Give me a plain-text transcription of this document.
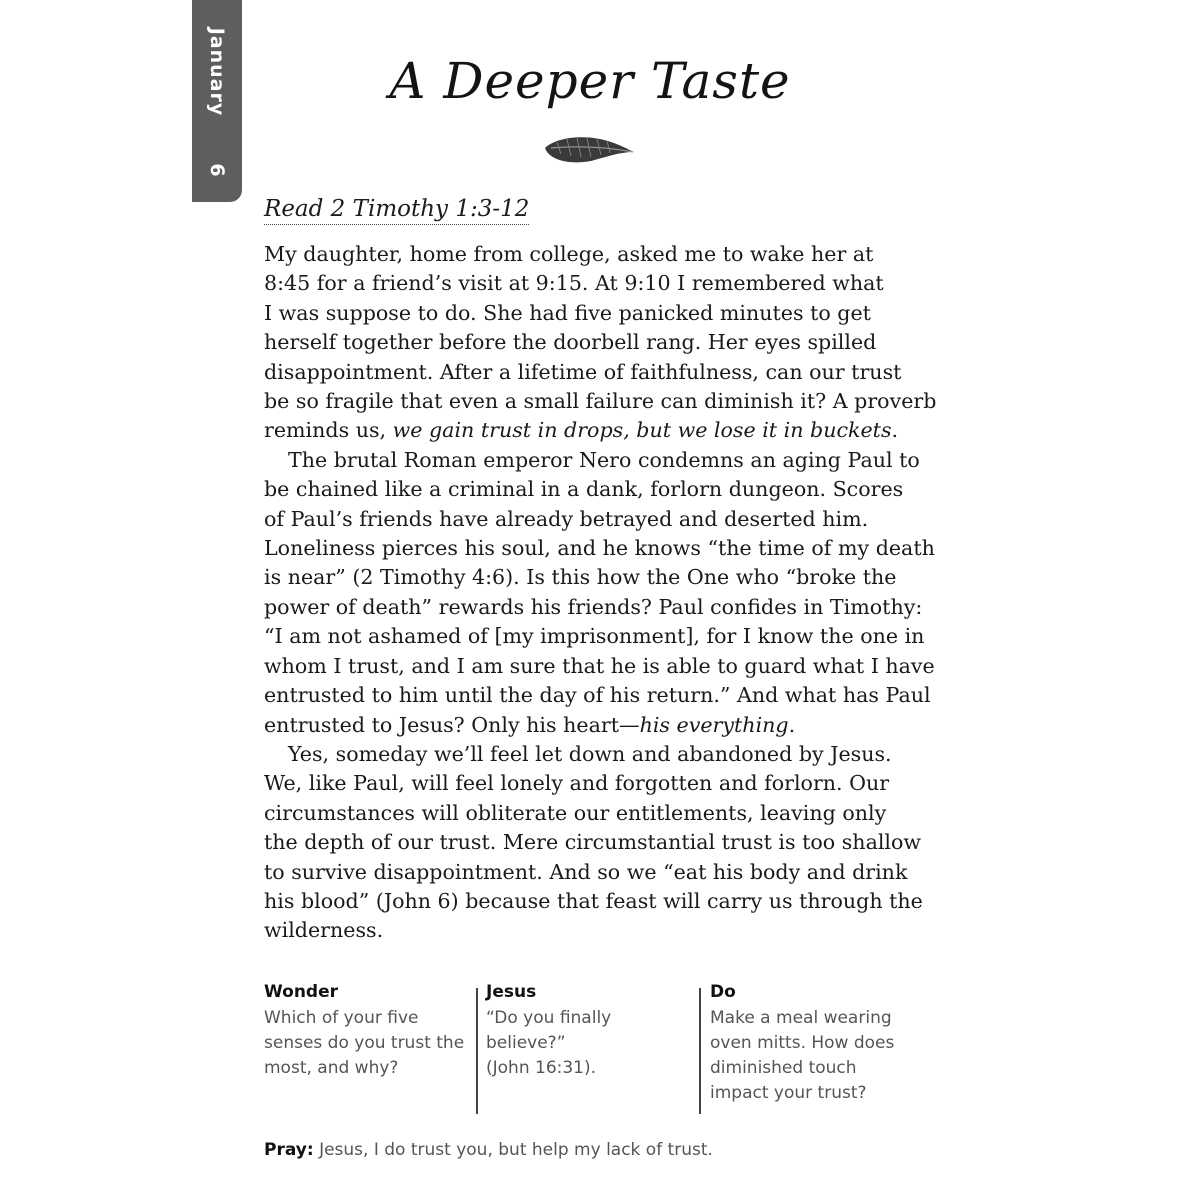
January
6
A Deeper Taste
Read 2 Timothy 1:3-12
My daughter, home from college, asked me to wake her at
8:45 for a friend’s visit at 9:15. At 9:10 I remembered what
I was suppose to do. She had five panicked minutes to get
herself together before the doorbell rang. Her eyes spilled
disappointment. After a lifetime of faithfulness, can our trust
be so fragile that even a small failure can diminish it? A proverb
reminds us, we gain trust in drops, but we lose it in buckets.
The brutal Roman emperor Nero condemns an aging Paul to
be chained like a criminal in a dank, forlorn dungeon. Scores
of Paul’s friends have already betrayed and deserted him.
Loneliness pierces his soul, and he knows “the time of my death
is near” (2 Timothy 4:6). Is this how the One who “broke the
power of death” rewards his friends? Paul confides in Timothy:
“I am not ashamed of [my imprisonment], for I know the one in
whom I trust, and I am sure that he is able to guard what I have
entrusted to him until the day of his return.” And what has Paul
entrusted to Jesus? Only his heart—his everything.
Yes, someday we’ll feel let down and abandoned by Jesus.
We, like Paul, will feel lonely and forgotten and forlorn. Our
circumstances will obliterate our entitlements, leaving only
the depth of our trust. Mere circumstantial trust is too shallow
to survive disappointment. And so we “eat his body and drink
his blood” (John 6) because that feast will carry us through the
wilderness.
Wonder
Which of your five
senses do you trust the
most, and why?
Jesus
“Do you finally believe?”
(John 16:31).
Do
Make a meal wearing
oven mitts. How does
diminished touch
impact your trust?
Pray: Jesus, I do trust you, but help my lack of trust.
